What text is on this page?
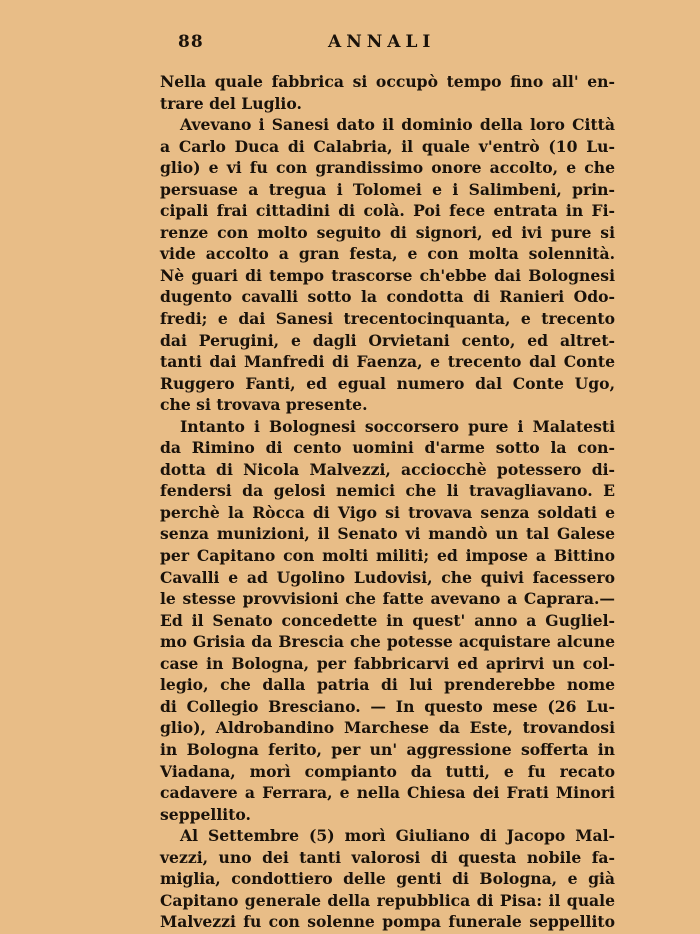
88	ANNALI
Nella quale fabbrica si occupò tempo fino all' en-
trare del Luglio.
Avevano i Sanesi dato il dominio della loro Città
a Carlo Duca di Calabria, il quale v'entrò (10 Lu-
glio) e vi fu con grandissimo onore accolto, e che
persuase a tregua i Tolomei e i Salimbeni, prin-
cipali frai cittadini di colà. Poi fece entrata in Fi-
renze con molto seguito di signori, ed ivi pure si
vide accolto a gran festa, e con molta solennità.
Nè guari di tempo trascorse ch'ebbe dai Bolognesi
dugento cavalli sotto la condotta di Ranieri Odo-
fredi; e dai Sanesi trecentocinquanta, e trecento
dai Perugini, e dagli Orvietani cento, ed altret-
tanti dai Manfredi di Faenza, e trecento dal Conte
Ruggero Fanti, ed egual numero dal Conte Ugo,
che si trovava presente.
Intanto i Bolognesi soccorsero pure i Malatesti
da Rimino di cento uomini d'arme sotto la con-
dotta di Nicola Malvezzi, acciocchè potessero di-
fendersi da gelosi nemici che li travagliavano. E
perchè la Ròcca di Vigo si trovava senza soldati e
senza munizioni, il Senato vi mandò un tal Galese
per Capitano con molti militi; ed impose a Bittino
Cavalli e ad Ugolino Ludovisi, che quivi facessero
le stesse provvisioni che fatte avevano a Caprara.—
Ed il Senato concedette in quest' anno a Gugliel-
mo Grisia da Brescia che potesse acquistare alcune
case in Bologna, per fabbricarvi ed aprirvi un col-
legio, che dalla patria di lui prenderebbe nome
di Collegio Bresciano. — In questo mese (26 Lu-
glio), Aldrobandino Marchese da Este, trovandosi
in Bologna ferito, per un' aggressione sofferta in
Viadana, morì compianto da tutti, e fu recato
cadavere a Ferrara, e nella Chiesa dei Frati Minori
seppellito.
Al Settembre (5) morì Giuliano di Jacopo Mal-
vezzi, uno dei tanti valorosi di questa nobile fa-
miglia, condottiero delle genti di Bologna, e già
Capitano generale della repubblica di Pisa: il quale
Malvezzi fu con solenne pompa funerale seppellito
